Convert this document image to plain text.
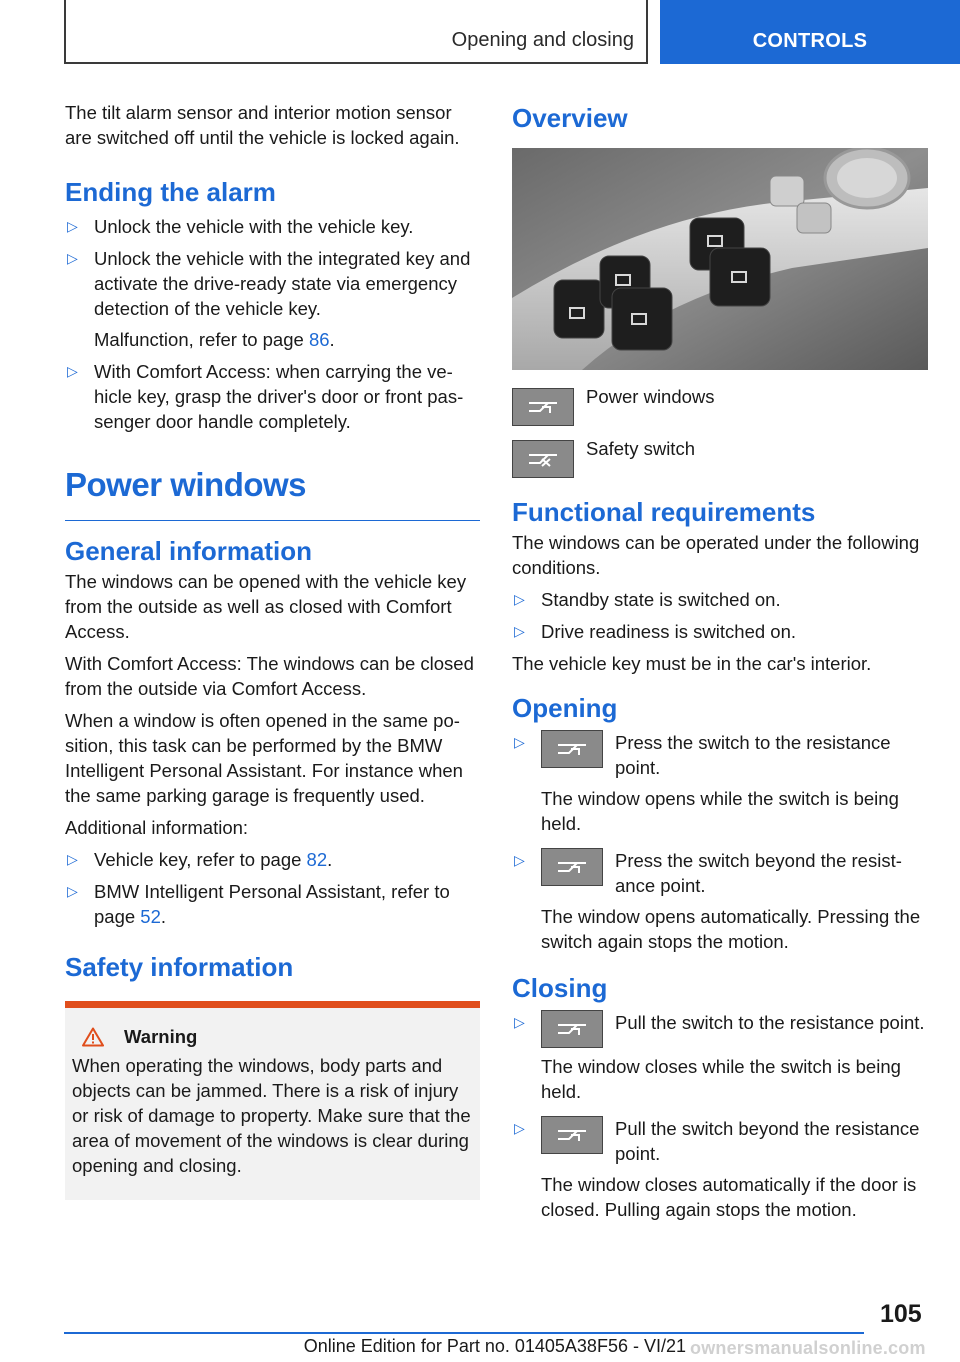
Opening and closing	CONTROLS

The tilt alarm sensor and interior motion sensor are switched off until the vehicle is locked again.

Ending the alarm
▷ Unlock the vehicle with the vehicle key.
▷ Unlock the vehicle with the integrated key and activate the drive-ready state via emergency detection of the vehicle key.
Malfunction, refer to page 86.
▷ With Comfort Access: when carrying the vehicle key, grasp the driver's door or front passenger door handle completely.
Power windows
General information

The windows can be opened with the vehicle key from the outside as well as closed with Comfort Access.

With Comfort Access: The windows can be closed from the outside via Comfort Access.

When a window is often opened in the same position, this task can be performed by the BMW Intelligent Personal Assistant. For instance when the same parking garage is frequently used.

Additional information:

▷ Vehicle key, refer to page 82.
▷ BMW Intelligent Personal Assistant, refer to page 52.
Safety information
Warning
When operating the windows, body parts and objects can be jammed. There is a risk of injury or risk of damage to property. Make sure that the area of movement of the windows is clear during opening and closing.
Overview
Power windows
Safety switch
Functional requirements

The windows can be operated under the following conditions.

▷ Standby state is switched on.
▷ Drive readiness is switched on.

The vehicle key must be in the car's interior.

Opening
▷	Press the switch to the resistance point.
The window opens while the switch is being held.
▷	Press the switch beyond the resistance point.
The window opens automatically. Pressing the switch again stops the motion.
Closing
▷	Pull the switch to the resistance point.
The window closes while the switch is being held.
▷	Pull the switch beyond the resistance point.
The window closes automatically if the door is closed. Pulling again stops the motion.
105
Online Edition for Part no. 01405A38F56 - VI/21 ownersmanualsonline.com
